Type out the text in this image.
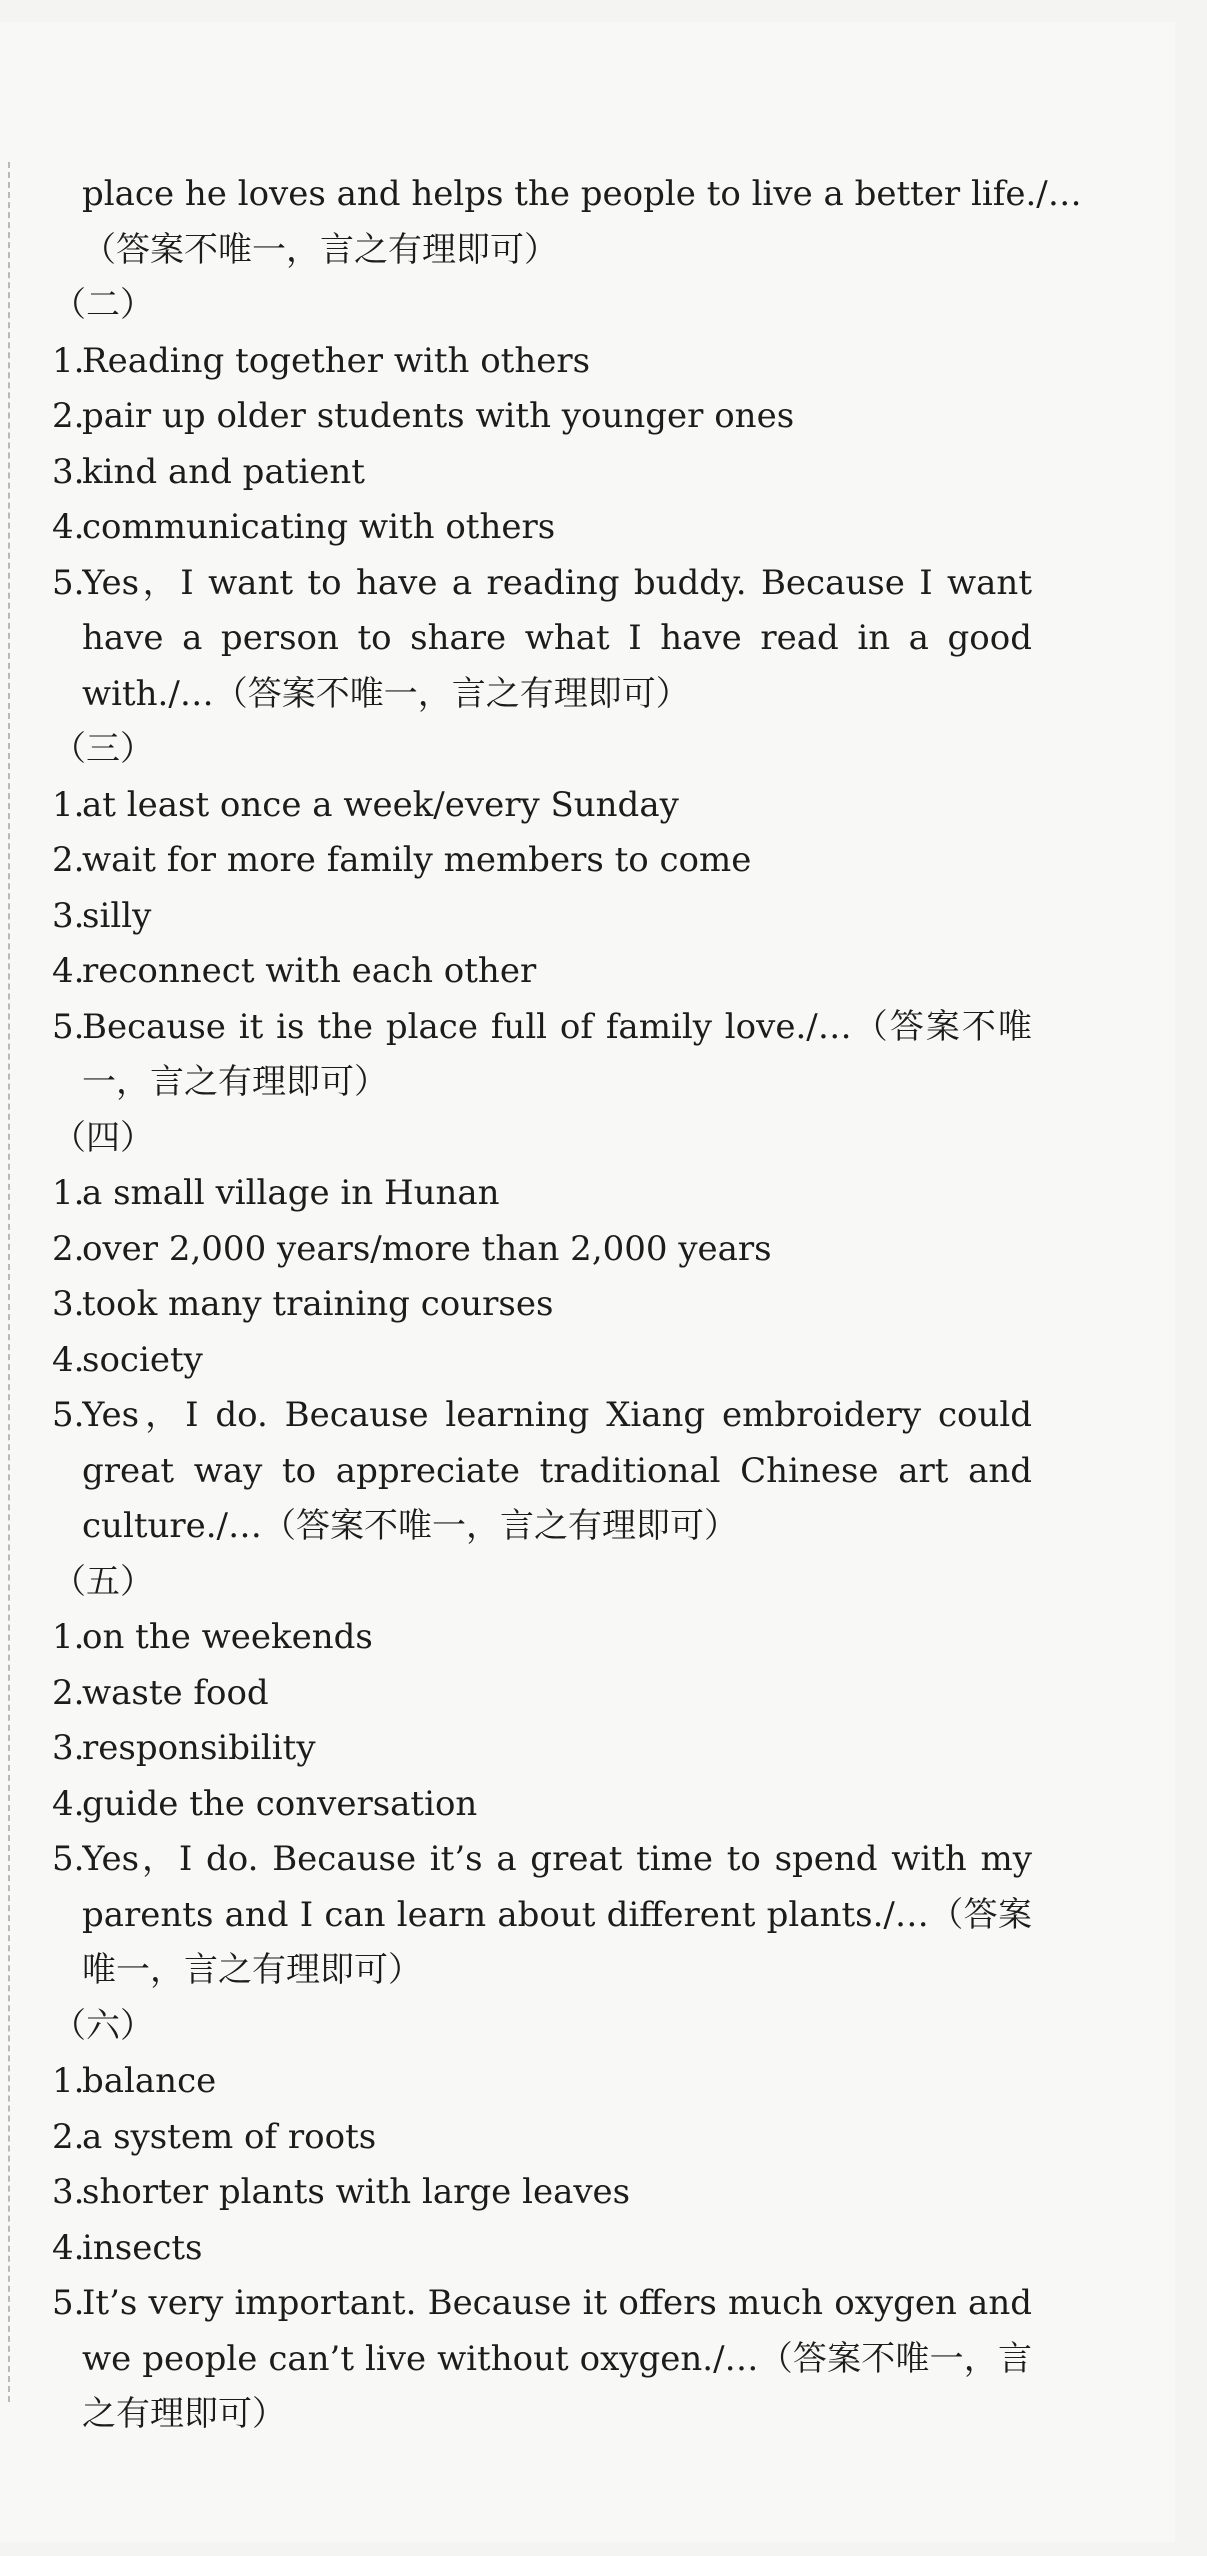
place he loves and helps the people to live a better life./…
（答案不唯一，言之有理即可）
（二）
1.
Reading together with others
2.
pair up older students with younger ones
3.
kind and patient
4.
communicating with others
5.
Yes，I want to have a reading buddy. Because I want
have a person to share what I have read in a good
with./…（答案不唯一，言之有理即可）
（三）
1.
at least once a week/every Sunday
2.
wait for more family members to come
3.
silly
4.
reconnect with each other
5.
Because it is the place full of family love./…（答案不唯
一，言之有理即可）
（四）
1.
a small village in Hunan
2.
over 2,000 years/more than 2,000 years
3.
took many training courses
4.
society
5.
Yes，I do. Because learning Xiang embroidery could
great way to appreciate traditional Chinese art and
culture./…（答案不唯一，言之有理即可）
（五）
1.
on the weekends
2.
waste food
3.
responsibility
4.
guide the conversation
5.
Yes，I do. Because it’s a great time to spend with my
parents and I can learn about different plants./…（答案
唯一，言之有理即可）
（六）
1.
balance
2.
a system of roots
3.
shorter plants with large leaves
4.
insects
5.
It’s very important. Because it offers much oxygen and
we people can’t live without oxygen./…（答案不唯一，言
之有理即可）
